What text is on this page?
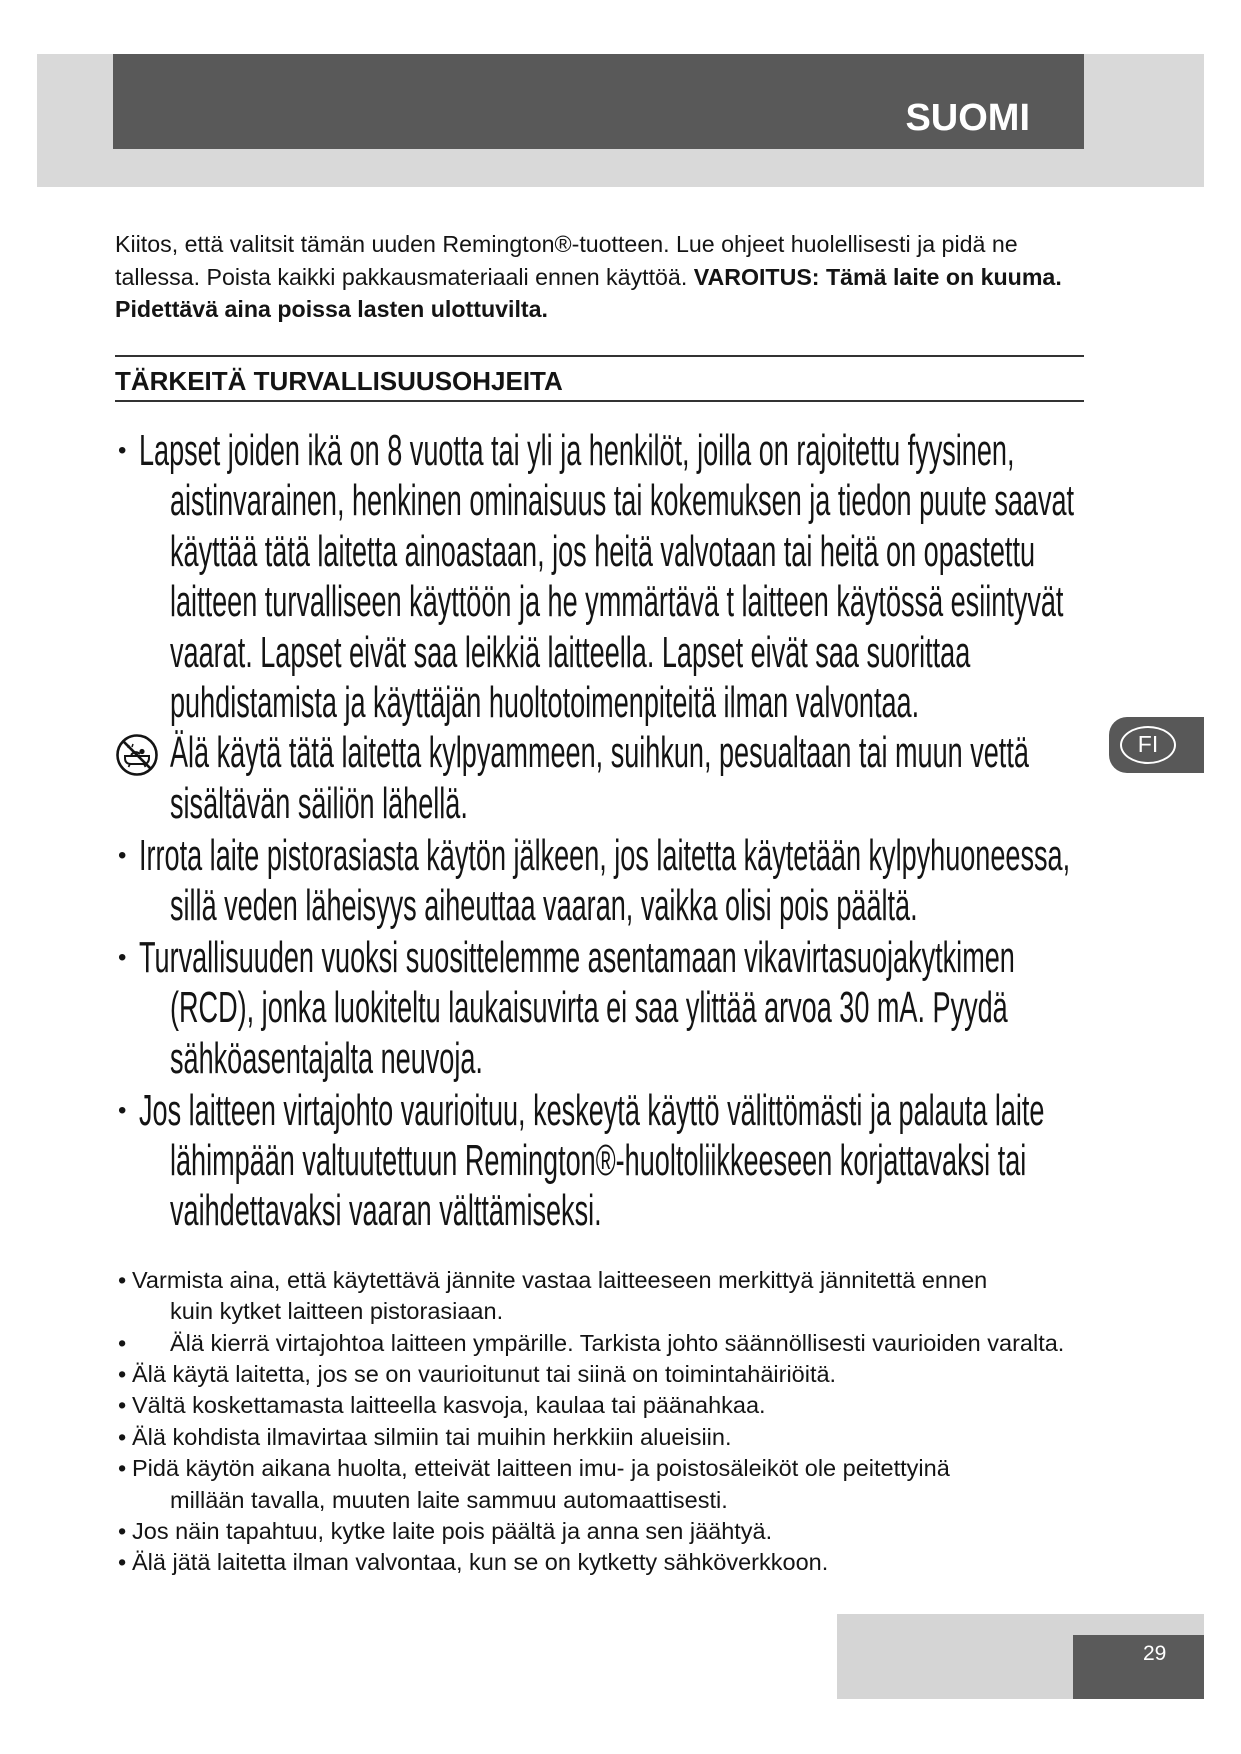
SUOMI
Kiitos, että valitsit tämän uuden Remington®-tuotteen. Lue ohjeet huolellisesti ja pidä ne
tallessa. Poista kaikki pakkausmateriaali ennen käyttöä. VAROITUS: Tämä laite on kuuma.
Pidettävä aina poissa lasten ulottuvilta.
TÄRKEITÄ TURVALLISUUSOHJEITA
• Lapset joiden ikä on 8 vuotta tai yli ja henkilöt, joilla on rajoitettu fyysinen,
aistinvarainen, henkinen ominaisuus tai kokemuksen ja tiedon puute saavat
käyttää tätä laitetta ainoastaan, jos heitä valvotaan tai heitä on opastettu
laitteen turvalliseen käyttöön ja he ymmärtävä t laitteen käytössä esiintyvät
vaarat. Lapset eivät saa leikkiä laitteella. Lapset eivät saa suorittaa
puhdistamista ja käyttäjän huoltotoimenpiteitä ilman valvontaa.
Älä käytä tätä laitetta kylpyammeen, suihkun, pesualtaan tai muun vettä
sisältävän säiliön lähellä.
• Irrota laite pistorasiasta käytön jälkeen, jos laitetta käytetään kylpyhuoneessa,
sillä veden läheisyys aiheuttaa vaaran, vaikka olisi pois päältä.
• Turvallisuuden vuoksi suosittelemme asentamaan vikavirtasuojakytkimen
(RCD), jonka luokiteltu laukaisuvirta ei saa ylittää arvoa 30 mA. Pyydä
sähköasentajalta neuvoja.
• Jos laitteen virtajohto vaurioituu, keskeytä käyttö välittömästi ja palauta laite
lähimpään valtuutettuun Remington®-huoltoliikkeeseen korjattavaksi tai
vaihdettavaksi vaaran välttämiseksi.
• Varmista aina, että käytettävä jännite vastaa laitteeseen merkittyä jännitettä ennen
kuin kytket laitteen pistorasiaan.
• Älä kierrä virtajohtoa laitteen ympärille. Tarkista johto säännöllisesti vaurioiden varalta.
• Älä käytä laitetta, jos se on vaurioitunut tai siinä on toimintahäiriöitä.
• Vältä koskettamasta laitteella kasvoja, kaulaa tai päänahkaa.
• Älä kohdista ilmavirtaa silmiin tai muihin herkkiin alueisiin.
• Pidä käytön aikana huolta, etteivät laitteen imu- ja poistosäleiköt ole peitettyinä
millään tavalla, muuten laite sammuu automaattisesti.
• Jos näin tapahtuu, kytke laite pois päältä ja anna sen jäähtyä.
• Älä jätä laitetta ilman valvontaa, kun se on kytketty sähköverkkoon.
FI
29
